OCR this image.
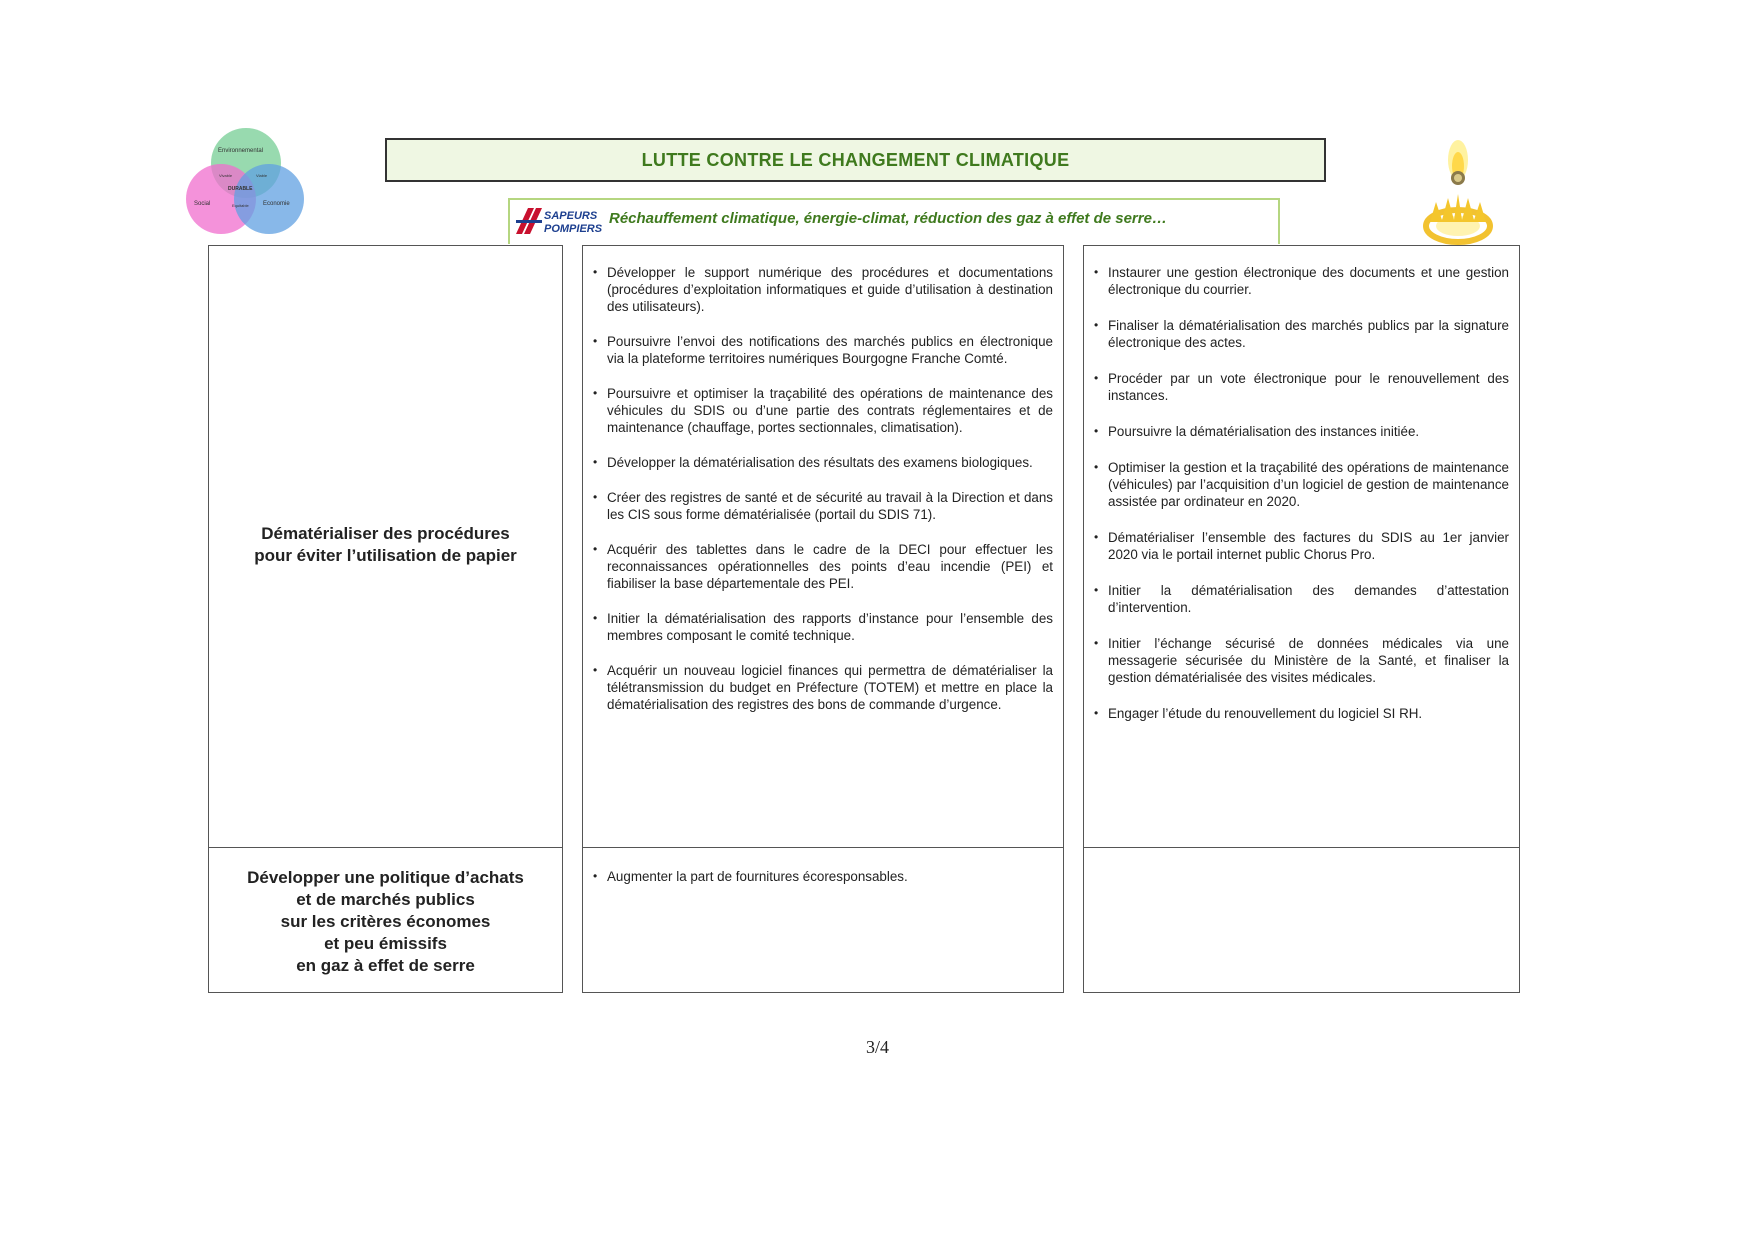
Environnemental
Social	Economie
DURABLE
Vivable	Viable
Equitable
LUTTE CONTRE LE CHANGEMENT CLIMATIQUE
SAPEURS
POMPIERS
Réchauffement climatique, énergie-climat, réduction des gaz à effet de serre…
Dématérialiser des procédures
pour éviter l’utilisation de papier
• Développer le support numérique des procédures et documentations (procédures d’exploitation informatiques et guide d’utilisation à destination des utilisateurs).
• Poursuivre l’envoi des notifications des marchés publics en électronique via la plateforme territoires numériques Bourgogne Franche Comté.
• Poursuivre et optimiser la traçabilité des opérations de maintenance des véhicules du SDIS ou d’une partie des contrats réglementaires et de maintenance (chauffage, portes sectionnales, climatisation).
• Développer la dématérialisation des résultats des examens biologiques.
• Créer des registres de santé et de sécurité au travail à la Direction et dans les CIS sous forme dématérialisée (portail du SDIS 71).
• Acquérir des tablettes dans le cadre de la DECI pour effectuer les reconnaissances opérationnelles des points d’eau incendie (PEI) et fiabiliser la base départementale des PEI.
• Initier la dématérialisation des rapports d’instance pour l’ensemble des membres composant le comité technique.
• Acquérir un nouveau logiciel finances qui permettra de dématérialiser la télétransmission du budget en Préfecture (TOTEM) et mettre en place la dématérialisation des registres des bons de commande d’urgence.
• Instaurer une gestion électronique des documents et une gestion électronique du courrier.
• Finaliser la dématérialisation des marchés publics par la signature électronique des actes.
• Procéder par un vote électronique pour le renouvellement des instances.
• Poursuivre la dématérialisation des instances initiée.
• Optimiser la gestion et la traçabilité des opérations de maintenance (véhicules) par l’acquisition d’un logiciel de gestion de maintenance assistée par ordinateur en 2020.
• Dématérialiser l’ensemble des factures du SDIS au 1er janvier 2020 via le portail internet public Chorus Pro.
• Initier la dématérialisation des demandes d’attestation d’intervention.
• Initier l’échange sécurisé de données médicales via une messagerie sécurisée du Ministère de la Santé, et finaliser la gestion dématérialisée des visites médicales.
• Engager l’étude du renouvellement du logiciel SI RH.
Développer une politique d’achats
et de marchés publics
sur les critères économes
et peu émissifs
en gaz à effet de serre
• Augmenter la part de fournitures écoresponsables.
3/4
